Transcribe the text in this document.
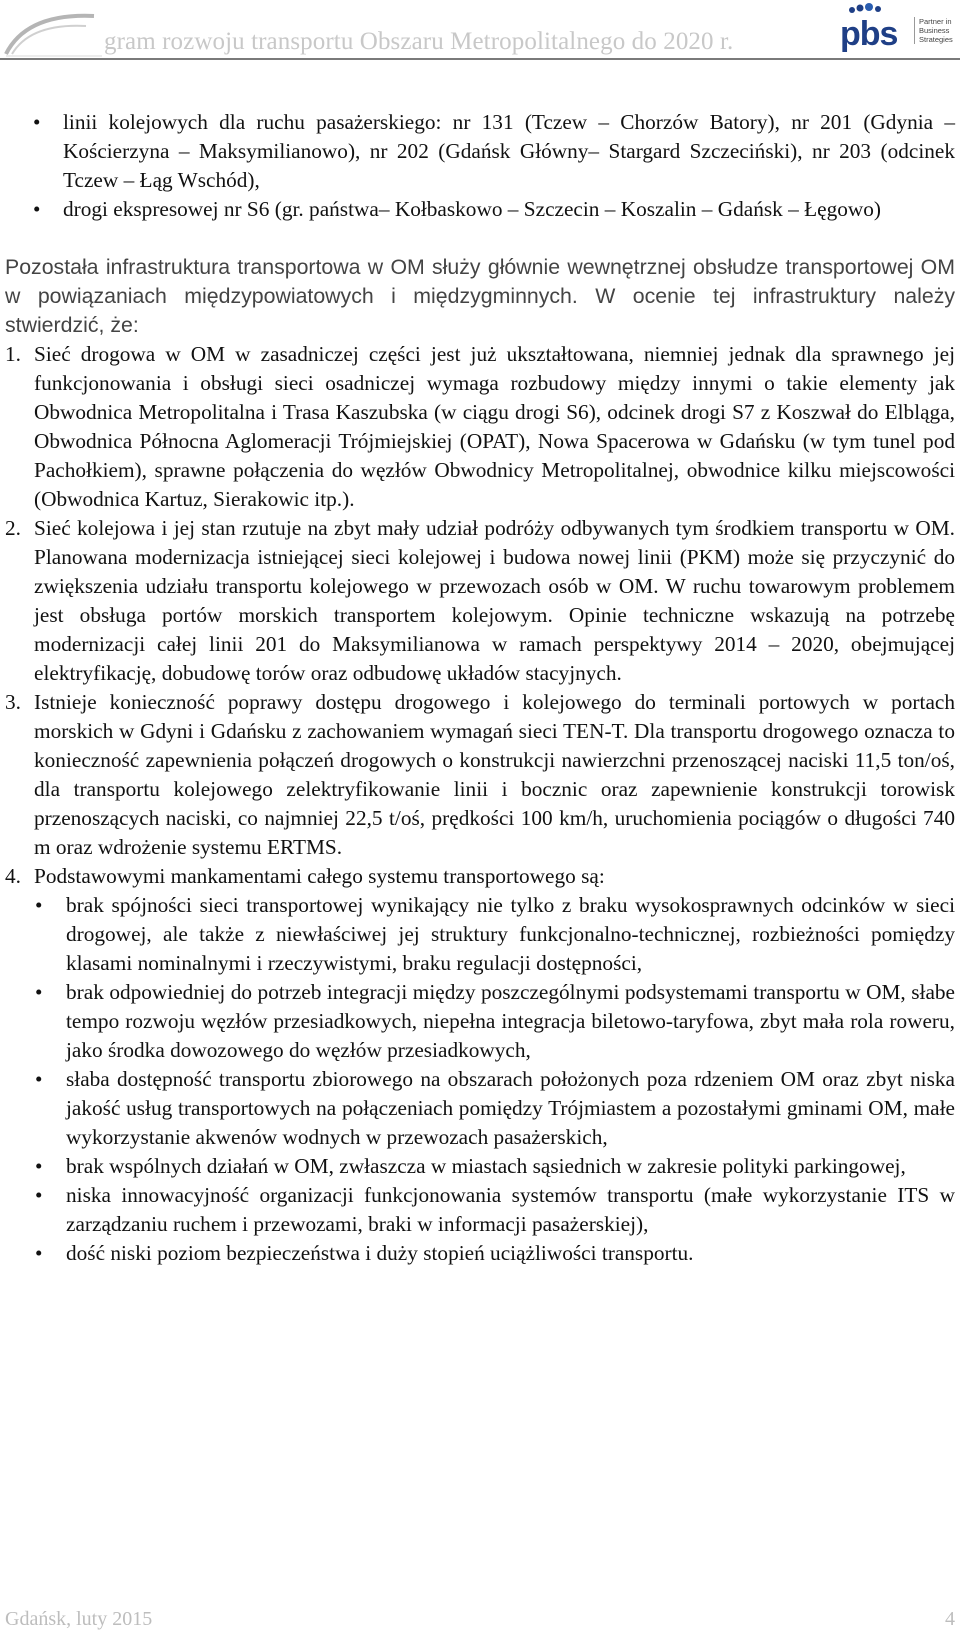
gram rozwoju transportu Obszaru Metropolitalnego do 2020 r.	pbs	Partner in Business Strategies
•	linii kolejowych dla ruchu pasażerskiego: nr 131 (Tczew – Chorzów Batory), nr 201 (Gdynia – Kościerzyna – Maksymilianowo), nr 202 (Gdańsk Główny– Stargard Szczeciński), nr 203 (odcinek Tczew – Łąg Wschód),
•	drogi ekspresowej nr S6 (gr. państwa– Kołbaskowo – Szczecin – Koszalin – Gdańsk – Łęgowo)

Pozostała infrastruktura transportowa w OM służy głównie wewnętrznej obsłudze transportowej OM w powiązaniach międzypowiatowych i międzygminnych. W ocenie tej infrastruktury należy stwierdzić, że:

1. Sieć drogowa w OM w zasadniczej części jest już ukształtowana, niemniej jednak dla sprawnego jej funkcjonowania i obsługi sieci osadniczej wymaga rozbudowy między innymi o takie elementy jak Obwodnica Metropolitalna i Trasa Kaszubska (w ciągu drogi S6), odcinek drogi S7 z Koszwał do Elbląga, Obwodnica Północna Aglomeracji Trójmiejskiej (OPAT), Nowa Spacerowa w Gdańsku (w tym tunel pod Pachołkiem), sprawne połączenia do węzłów Obwodnicy Metropolitalnej, obwodnice kilku miejscowości (Obwodnica Kartuz, Sierakowic itp.).
2. Sieć kolejowa i jej stan rzutuje na zbyt mały udział podróży odbywanych tym środkiem transportu w OM. Planowana modernizacja istniejącej sieci kolejowej i budowa nowej linii (PKM) może się przyczynić do zwiększenia udziału transportu kolejowego w przewozach osób w OM. W ruchu towarowym problemem jest obsługa portów morskich transportem kolejowym. Opinie techniczne wskazują na potrzebę modernizacji całej linii 201 do Maksymilianowa w ramach perspektywy 2014 – 2020, obejmującej elektryfikację, dobudowę torów oraz odbudowę układów stacyjnych.
3. Istnieje konieczność poprawy dostępu drogowego i kolejowego do terminali portowych w portach morskich w Gdyni i Gdańsku z zachowaniem wymagań sieci TEN-T. Dla transportu drogowego oznacza to konieczność zapewnienia połączeń drogowych o konstrukcji nawierzchni przenoszącej naciski 11,5 ton/oś, dla transportu kolejowego zelektryfikowanie linii i bocznic oraz zapewnienie konstrukcji torowisk przenoszących naciski, co najmniej 22,5 t/oś, prędkości 100 km/h, uruchomienia pociągów o długości 740 m oraz wdrożenie systemu ERTMS.
4. Podstawowymi mankamentami całego systemu transportowego są:
•	brak spójności sieci transportowej wynikający nie tylko z braku wysokosprawnych odcinków w sieci drogowej, ale także z niewłaściwej jej struktury funkcjonalno-technicznej, rozbieżności pomiędzy klasami nominalnymi i rzeczywistymi, braku regulacji dostępności,
•	brak odpowiedniej do potrzeb integracji między poszczególnymi podsystemami transportu w OM, słabe tempo rozwoju węzłów przesiadkowych, niepełna integracja biletowo-taryfowa, zbyt mała rola roweru, jako środka dowozowego do węzłów przesiadkowych,
•	słaba dostępność transportu zbiorowego na obszarach położonych poza rdzeniem OM oraz zbyt niska jakość usług transportowych na połączeniach pomiędzy Trójmiastem a pozostałymi gminami OM, małe wykorzystanie akwenów wodnych w przewozach pasażerskich,
•	brak wspólnych działań w OM, zwłaszcza w miastach sąsiednich w zakresie polityki parkingowej,
•	niska innowacyjność organizacji funkcjonowania systemów transportu (małe wykorzystanie ITS w zarządzaniu ruchem i przewozami, braki w informacji pasażerskiej),
•	dość niski poziom bezpieczeństwa i duży stopień uciążliwości transportu.
Gdańsk, luty 2015	4
